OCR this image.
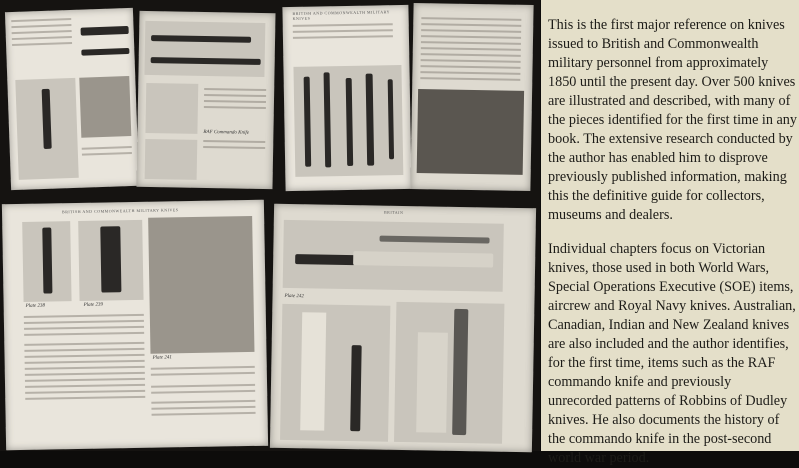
RAF Commando Knife
BRITISH AND COMMONWEALTH MILITARY KNIVES
BRITISH AND COMMONWEALTH MILITARY KNIVES
Plate 238	Plate 239
Plate 241
BRITAIN
Plate 242

This is the first major reference on knives issued to British and Commonwealth military personnel from approximately 1850 until the present day. Over 500 knives are illustrated and described, with many of the pieces identified for the first time in any book. The extensive research conducted by the author has enabled him to disprove previously published information, making this the definitive guide for collectors, museums and dealers.

Individual chapters focus on Victorian knives, those used in both World Wars, Special Operations Executive (SOE) items, aircrew and Royal Navy knives. Australian, Canadian, Indian and New Zealand knives are also included and the author identifies, for the first time, items such as the RAF commando knife and previously unrecorded patterns of Robbins of Dudley knives. He also documents the history of the commando knife in the post-second world war period.
